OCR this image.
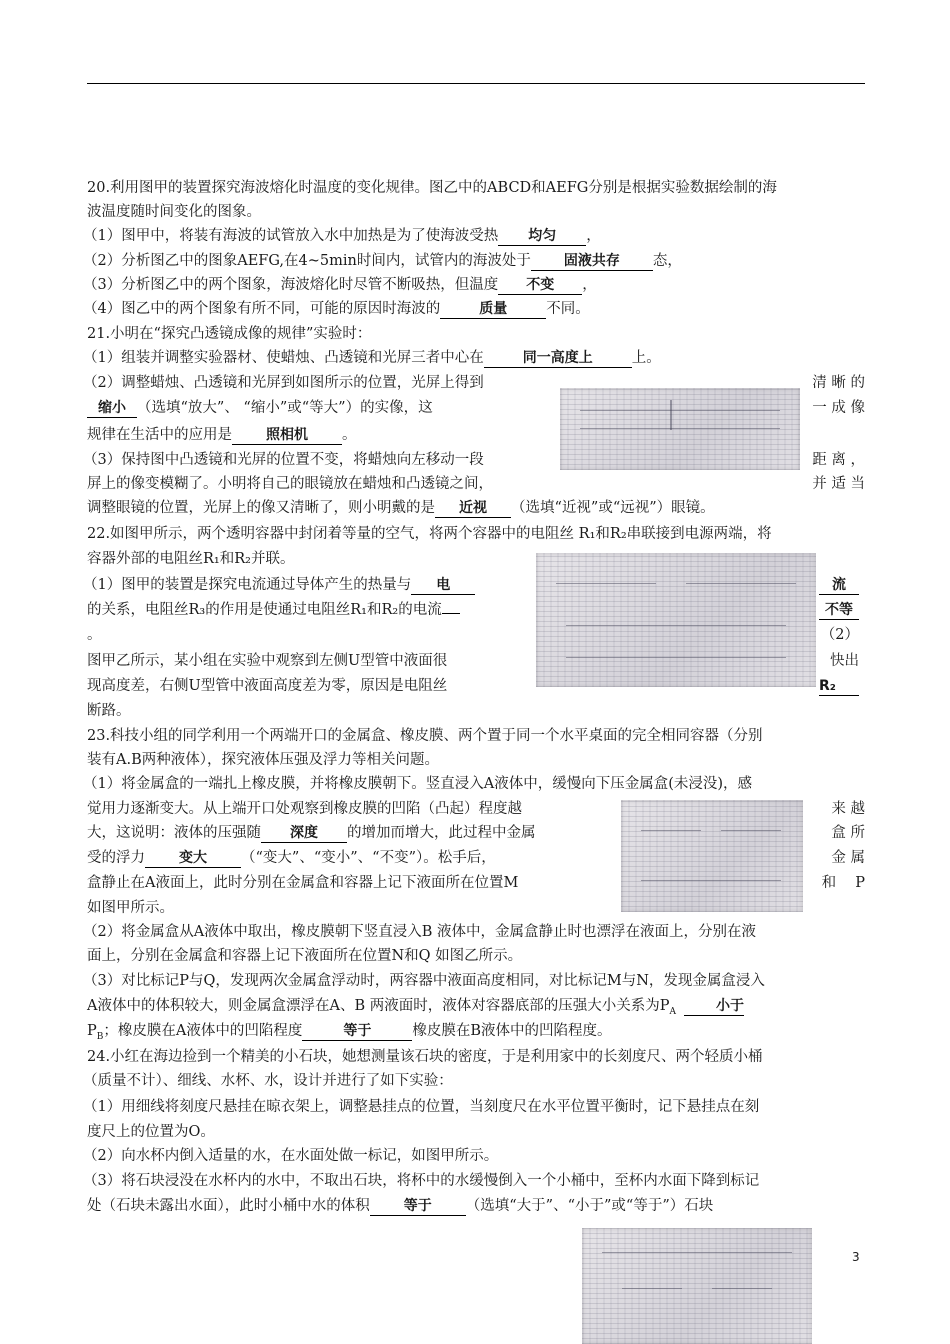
20.利用图甲的装置探究海波熔化时温度的变化规律。图乙中的ABCD和AEFG分别是根据实验数据绘制的海
波温度随时间变化的图象。
（1）图甲中，将装有海波的试管放入水中加热是为了使海波受热 均匀 ，
（2）分析图乙中的图象AEFG,在4~5min时间内，试管内的海波处于 固液共存 态，
（3）分析图乙中的两个图象，海波熔化时尽管不断吸热，但温度 不变 ，
（4）图乙中的两个图象有所不同，可能的原因时海波的	质量	不同。
21.小明在“探究凸透镜成像的规律”实验时：
（1）组装并调整实验器材、使蜡烛、凸透镜和光屏三者中心在	同一高度上	上。
（2）调整蜡烛、凸透镜和光屏到如图所示的位置，光屏上得到	清 晰 的
缩小 （选填“放大”、 “缩小”或“等大”）的实像，这	一 成 像
规律在生活中的应用是 照相机 。
（3）保持图中凸透镜和光屏的位置不变，将蜡烛向左移动一段	距 离 ，
屏上的像变模糊了。小明将自己的眼镜放在蜡烛和凸透镜之间，	并 适 当
调整眼镜的位置，光屏上的像又清晰了，则小明戴的是 近视 （选填“近视”或“远视”）眼镜。
22.如图甲所示，两个透明容器中封闭着等量的空气，将两个容器中的电阻丝 R₁和R₂串联接到电源两端，将
容器外部的电阻丝R₁和R₂并联。
（1）图甲的装置是探究电流通过导体产生的热量与 电	流
的关系，电阻丝R₃的作用是使通过电阻丝R₁和R₂的电流	不等
。	（2）
图甲乙所示，某小组在实验中观察到左侧U型管中液面很	快出
现高度差，右侧U型管中液面高度差为零，原因是电阻丝	R₂
断路。
23.科技小组的同学利用一个两端开口的金属盒、橡皮膜、两个置于同一个水平桌面的完全相同容器（分别
装有A.B两种液体），探究液体压强及浮力等相关问题。
（1）将金属盒的一端扎上橡皮膜，并将橡皮膜朝下。竖直浸入A液体中，缓慢向下压金属盒(未浸没)，感
觉用力逐渐变大。从上端开口处观察到橡皮膜的凹陷（凸起）程度越	来 越
大，这说明：液体的压强随 深度 的增加而增大，此过程中金属	盒 所
受的浮力 变大 （“变大”、“变小”、“不变”）。松手后，	金 属
盒静止在A液面上，此时分别在金属盒和容器上记下液面所在位置M	和　 P
如图甲所示。
（2）将金属盒从A液体中取出，橡皮膜朝下竖直浸入B 液体中，金属盒静止时也漂浮在液面上，分别在液
面上，分别在金属盒和容器上记下液面所在位置N和Q 如图乙所示。
（3）对比标记P与Q，发现两次金属盒浮动时，两容器中液面高度相同，对比标记M与N，发现金属盒浸入
A液体中的体积较大，则金属盒漂浮在A、B 两液面时，液体对容器底部的压强大小关系为$P_A$	小于
$P_B$；橡皮膜在A液体中的凹陷程度	等于	橡皮膜在B液体中的凹陷程度。
24.小红在海边捡到一个精美的小石块，她想测量该石块的密度，于是利用家中的长刻度尺、两个轻质小桶
（质量不计）、细线、水杯、水，设计并进行了如下实验：
（1）用细线将刻度尺悬挂在晾衣架上，调整悬挂点的位置，当刻度尺在水平位置平衡时，记下悬挂点在刻
度尺上的位置为O。
（2）向水杯内倒入适量的水，在水面处做一标记，如图甲所示。
（3）将石块浸没在水杯内的水中，不取出石块，将杯中的水缓慢倒入一个小桶中，至杯内水面下降到标记
处（石块未露出水面），此时小桶中水的体积 等于 （选填“大于”、“小于”或“等于”）石块
3
